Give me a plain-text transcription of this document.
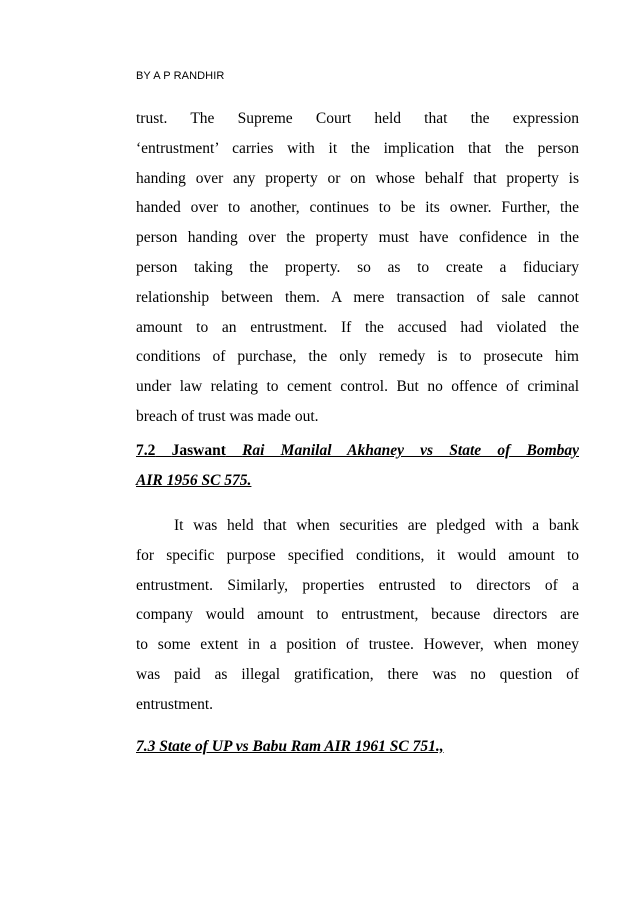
BY A P RANDHIR
trust. The Supreme Court held that the expression
‘entrustment’ carries with it the implication that the person
handing over any property or on whose behalf that property is
handed over to another, continues to be its owner. Further, the
person handing over the property must have confidence in the
person taking the property. so as to create a fiduciary
relationship between them. A mere transaction of sale cannot
amount to an entrustment. If the accused had violated the
conditions of purchase, the only remedy is to prosecute him
under law relating to cement control. But no offence of criminal
breach of trust was made out.
7.2 Jaswant Rai Manilal Akhaney vs State of Bombay
AIR 1956 SC 575.
It was held that when securities are pledged with a bank
for specific purpose specified conditions, it would amount to
entrustment. Similarly, properties entrusted to directors of a
company would amount to entrustment, because directors are
to some extent in a position of trustee. However, when money
was paid as illegal gratification, there was no question of
entrustment.
7.3 State of UP vs Babu Ram AIR 1961 SC 751.,
